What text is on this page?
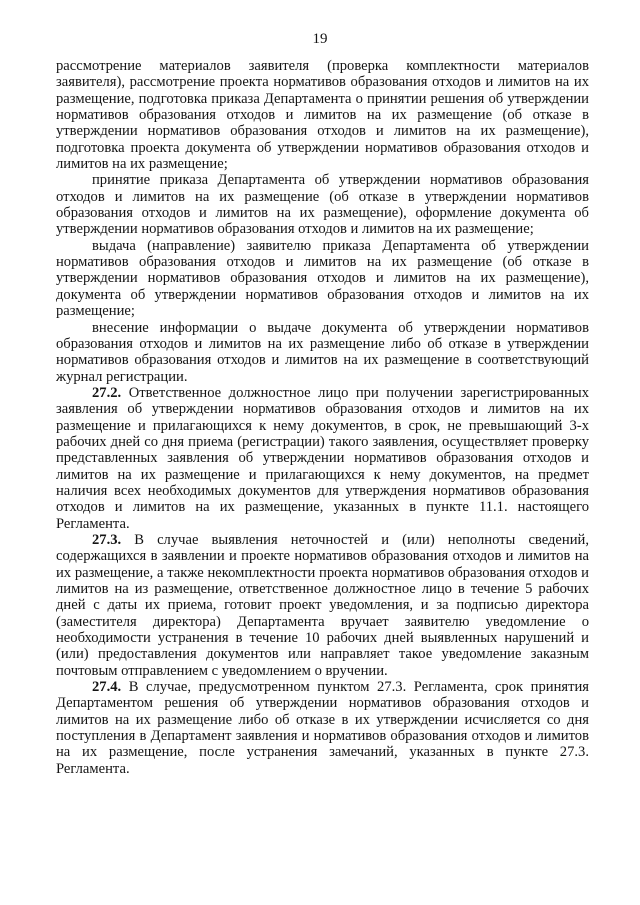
19

рассмотрение материалов заявителя (проверка комплектности материалов заявителя), рассмотрение проекта нормативов образования отходов и лимитов на их размещение, подготовка приказа Департамента о принятии решения об утверждении нормативов образования отходов и лимитов на их размещение (об отказе в утверждении нормативов образования отходов и лимитов на их размещение), подготовка проекта документа об утверждении нормативов образования отходов и лимитов на их размещение;

принятие приказа Департамента об утверждении нормативов образования отходов и лимитов на их размещение (об отказе в утверждении нормативов образования отходов и лимитов на их размещение), оформление документа об утверждении нормативов образования отходов и лимитов на их размещение;

выдача (направление) заявителю приказа Департамента об утверждении нормативов образования отходов и лимитов на их размещение (об отказе в утверждении нормативов образования отходов и лимитов на их размещение), документа об утверждении нормативов образования отходов и лимитов на их размещение;

внесение информации о выдаче документа об утверждении нормативов образования отходов и лимитов на их размещение либо об отказе в утверждении нормативов образования отходов и лимитов на их размещение в соответствующий журнал регистрации.

27.2. Ответственное должностное лицо при получении зарегистрированных заявления об утверждении нормативов образования отходов и лимитов на их размещение и прилагающихся к нему документов, в срок, не превышающий 3-х рабочих дней со дня приема (регистрации) такого заявления, осуществляет проверку представленных заявления об утверждении нормативов образования отходов и лимитов на их размещение и прилагающихся к нему документов, на предмет наличия всех необходимых документов для утверждения нормативов образования отходов и лимитов на их размещение, указанных в пункте 11.1. настоящего Регламента.

27.3. В случае выявления неточностей и (или) неполноты сведений, содержащихся в заявлении и проекте нормативов образования отходов и лимитов на их размещение, а также некомплектности проекта нормативов образования отходов и лимитов на из размещение, ответственное должностное лицо в течение 5 рабочих дней с даты их приема, готовит проект уведомления, и за подписью директора (заместителя директора) Департамента вручает заявителю уведомление о необходимости устранения в течение 10 рабочих дней выявленных нарушений и (или) предоставления документов или направляет такое уведомление заказным почтовым отправлением с уведомлением о вручении.

27.4. В случае, предусмотренном пунктом 27.3. Регламента, срок принятия Департаментом решения об утверждении нормативов образования отходов и лимитов на их размещение либо об отказе в их утверждении исчисляется со дня поступления в Департамент заявления и нормативов образования отходов и лимитов на их размещение, после устранения замечаний, указанных в пункте 27.3. Регламента.
